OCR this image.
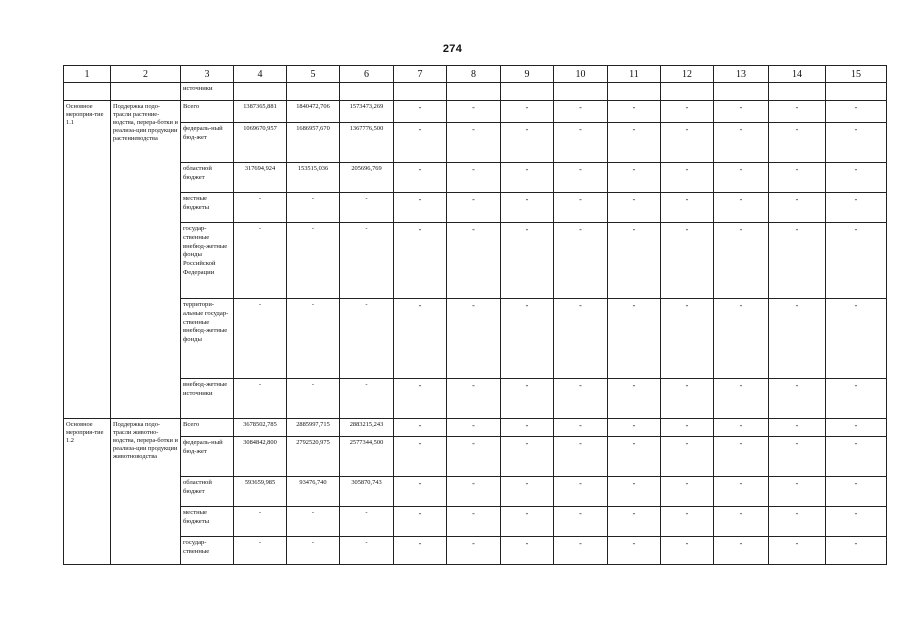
274
1	2	3	4	5	6	7	8	9	10	11	12	13	14	15
		источники												
Основное мероприя-тие 1.1	Поддержка подо-трасли растение-водства, перера-ботки и реализа-ции продукции растениеводства	Всего	1387365,881	1840472,706	1573473,269	-	-	-	-	-	-	-	-	-
		федераль-ный бюд-жет	1069670,957	1686957,670	1367776,500	-	-	-	-	-	-	-	-	-
		областной бюджет	317694,924	153515,036	205696,769	-	-	-	-	-	-	-	-	-
		местные бюджеты	-	-	-	-	-	-	-	-	-	-	-	-
		государ-ственные внебюд-жетные фонды Российской Федерации	-	-	-	-	-	-	-	-	-	-	-	-
		территори-альные государ-ственные внебюд-жетные фонды	-	-	-	-	-	-	-	-	-	-	-	-
		внебюд-жетные источники	-	-	-	-	-	-	-	-	-	-	-	-
Основное мероприя-тие 1.2	Поддержка подо-трасли животно-водства, перера-ботки и реализа-ции продукции животноводства	Всего	3678502,785	2885997,715	2883215,243	-	-	-	-	-	-	-	-	-
		федераль-ный бюд-жет	3084842,800	2792520,975	2577344,500	-	-	-	-	-	-	-	-	-
		областной бюджет	593659,985	93476,740	305870,743	-	-	-	-	-	-	-	-	-
		местные бюджеты	-	-	-	-	-	-	-	-	-	-	-	-
		государ-ственные	-	-	-	-	-	-	-	-	-	-	-	-
